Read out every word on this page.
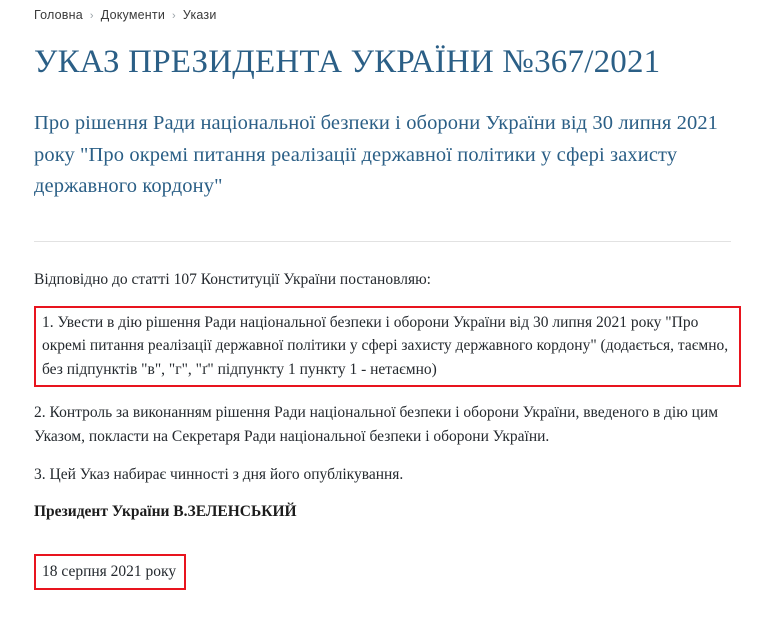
Головна › Документи › Укази
УКАЗ ПРЕЗИДЕНТА УКРАЇНИ №367/2021
Про рішення Ради національної безпеки і оборони України від 30 липня 2021 року "Про окремі питання реалізації державної політики у сфері захисту державного кордону"

Відповідно до статті 107 Конституції України постановляю:

1. Увести в дію рішення Ради національної безпеки і оборони України від 30 липня 2021 року "Про окремі питання реалізації державної політики у сфері захисту державного кордону" (додається, таємно, без підпунктів "в", "г", "ґ" підпункту 1 пункту 1 - нетаємно)

2. Контроль за виконанням рішення Ради національної безпеки і оборони України, введеного в дію цим Указом, покласти на Секретаря Ради національної безпеки і оборони України.

3. Цей Указ набирає чинності з дня його опублікування.

Президент України В.ЗЕЛЕНСЬКИЙ

18 серпня 2021 року
